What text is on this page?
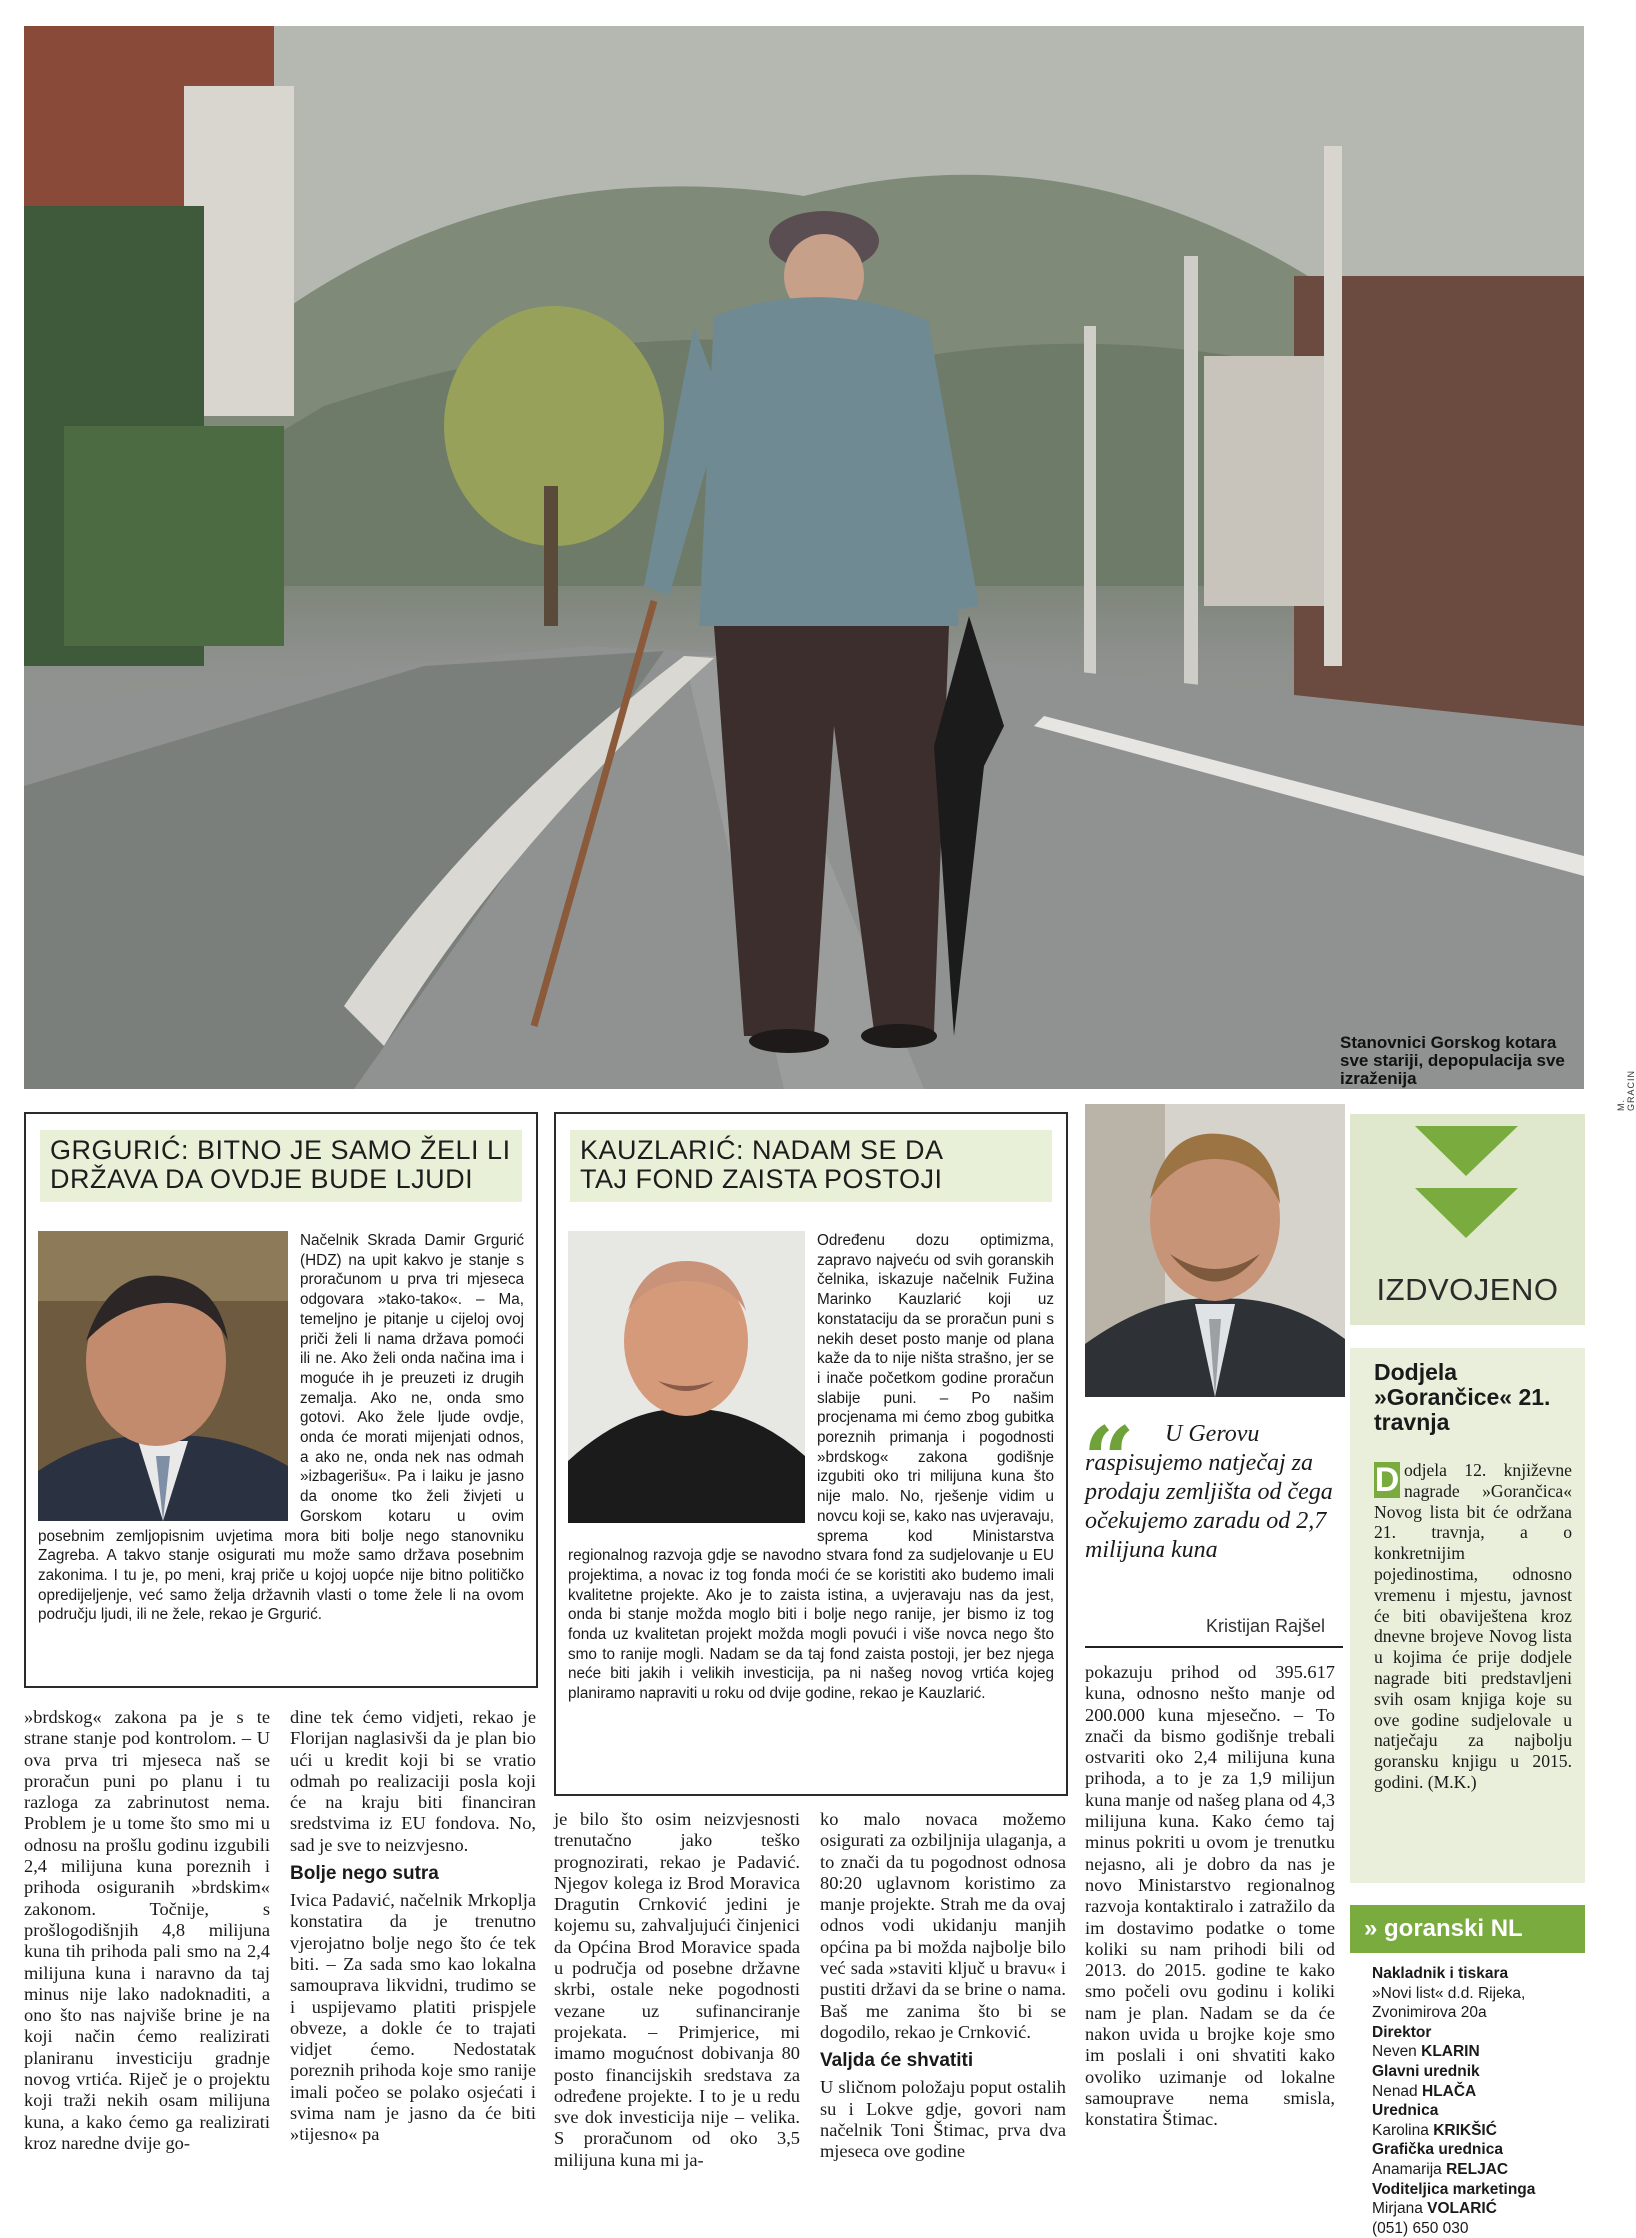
Stanovnici Gorskog kotara
sve stariji, depopulacija sve
izraženija
M. GRACIN
GRGURIĆ: BITNO JE SAMO ŽELI LI
DRŽAVA DA OVDJE BUDE LJUDI
Načelnik Skrada Damir Grgurić (HDZ) na upit kakvo je stanje s proračunom u prva tri mjeseca odgovara »tako-tako«. – Ma, temeljno je pitanje u cijeloj ovoj priči želi li nama država pomoći ili ne. Ako želi onda načina ima i moguće ih je preuzeti iz drugih zemalja. Ako ne, onda smo gotovi. Ako žele ljude ovdje, onda će morati mijenjati odnos, a ako ne, onda nek nas odmah »izbagerišu«. Pa i laiku je jasno da onome tko želi živjeti u Gorskom kotaru u ovim posebnim zemljopisnim uvjetima mora biti bolje nego stanovniku Zagreba. A takvo stanje osigurati mu može samo država posebnim zakonima. I tu je, po meni, kraj priče u kojoj uopće nije bitno političko opredijeljenje, već samo želja državnih vlasti o tome žele li na ovom području ljudi, ili ne žele, rekao je Grgurić.
KAUZLARIĆ: NADAM SE DA
TAJ FOND ZAISTA POSTOJI
Određenu dozu optimizma, zapravo najveću od svih goranskih čelnika, iskazuje načelnik Fužina Marinko Kauzlarić koji uz konstataciju da se proračun puni s nekih deset posto manje od plana kaže da to nije ništa strašno, jer se i inače početkom godine proračun slabije puni. – Po našim procjenama mi ćemo zbog gubitka poreznih primanja i pogodnosti »brdskog« zakona godišnje izgubiti oko tri milijuna kuna što nije malo. No, rješenje vidim u novcu koji se, kako nas uvjeravaju, sprema kod Ministarstva regionalnog razvoja gdje se navodno stvara fond za sudjelovanje u EU projektima, a novac iz tog fonda moći će se koristiti ako budemo imali kvalitetne projekte. Ako je to zaista istina, a uvjeravaju nas da jest, onda bi stanje možda moglo biti i bolje nego ranije, jer bismo iz tog fonda uz kvalitetan projekt možda mogli povući i više novca nego što smo to ranije mogli. Nadam se da taj fond zaista postoji, jer bez njega neće biti jakih i velikih investicija, pa ni našeg novog vrtića kojeg planiramo napraviti u roku od dvije godine, rekao je Kauzlarić.
“	U Gerovu raspisujemo natječaj za prodaju zemljišta od čega očekujemo zaradu od 2,7 milijuna kuna
Kristijan Rajšel

»brdskog« zakona pa je s te strane stanje pod kontrolom. – U ova prva tri mjeseca naš se proračun puni po planu i tu razloga za zabrinutost nema. Problem je u tome što smo mi u odnosu na prošlu godinu izgubili 2,4 milijuna kuna poreznih i prihoda osiguranih »brdskim« zakonom. Točnije, s prošlogodišnjih 4,8 milijuna kuna tih prihoda pali smo na 2,4 milijuna kuna i naravno da taj minus nije lako nadoknaditi, a ono što nas najviše brine je na koji način ćemo realizirati planiranu investiciju gradnje novog vrtića. Riječ je o projektu koji traži nekih osam milijuna kuna, a kako ćemo ga realizirati kroz naredne dvije go-

dine tek ćemo vidjeti, rekao je Florijan naglasivši da je plan bio ući u kredit koji bi se vratio odmah po realizaciji posla koji će na kraju biti financiran sredstvima iz EU fondova. No, sad je sve to neizvjesno.

Bolje nego sutra

Ivica Padavić, načelnik Mrkoplja konstatira da je trenutno vjerojatno bolje nego što će tek biti. – Za sada smo kao lokalna samouprava likvidni, trudimo se i uspijevamo platiti prispjele obveze, a dokle će to trajati vidjet ćemo. Nedostatak poreznih prihoda koje smo ranije imali počeo se polako osjećati i svima nam je jasno da će biti »tijesno« pa

je bilo što osim neizvjesnosti trenutačno jako teško prognozirati, rekao je Padavić. Njegov kolega iz Brod Moravica Dragutin Crnković jedini je kojemu su, zahvaljujući činjenici da Općina Brod Moravice spada u područja od posebne državne skrbi, ostale neke pogodnosti vezane uz sufinanciranje projekata. – Primjerice, mi imamo mogućnost dobivanja 80 posto financijskih sredstava za određene projekte. I to je u redu sve dok investicija nije – velika. S proračunom od oko 3,5 milijuna kuna mi ja-

ko malo novaca možemo osigurati za ozbiljnija ulaganja, a to znači da tu pogodnost odnosa 80:20 uglavnom koristimo za manje projekte. Strah me da ovaj odnos vodi ukidanju manjih općina pa bi možda najbolje bilo već sada »staviti ključ u bravu« i pustiti državi da se brine o nama. Baš me zanima što bi se dogodilo, rekao je Crnković.

Valjda će shvatiti

U sličnom položaju poput ostalih su i Lokve gdje, govori nam načelnik Toni Štimac, prva dva mjeseca ove godine

pokazuju prihod od 395.617 kuna, odnosno nešto manje od 200.000 kuna mjesečno. – To znači da bismo godišnje trebali ostvariti oko 2,4 milijuna kuna prihoda, a to je za 1,9 milijun kuna manje od našeg plana od 4,3 milijuna kuna. Kako ćemo taj minus pokriti u ovom je trenutku nejasno, ali je dobro da nas je novo Ministarstvo regionalnog razvoja kontaktiralo i zatražilo da im dostavimo podatke o tome koliki su nam prihodi bili od 2013. do 2015. godine te kako smo počeli ovu godinu i koliki nam je plan. Nadam se da će nakon uvida u brojke koje smo im poslali i oni shvatiti kako ovoliko uzimanje od lokalne samouprave nema smisla, konstatira Štimac.

IZDVOJENO
Dodjela »Gorančice« 21. travnja
D odjela 12. književne nagrade »Gorančica« Novog lista bit će održana 21. travnja, a o konkretnijim pojedinostima, odnosno vremenu i mjestu, javnost će biti obaviještena kroz dnevne brojeve Novog lista u kojima će prije dodjele nagrade biti predstavljeni svih osam knjiga koje su ove godine sudjelovale u natječaju za najbolju goransku knjigu u 2015. godini. (M.K.)
» goranski NL
Nakladnik i tiskara
»Novi list« d.d. Rijeka, Zvonimirova 20a
Direktor
Neven KLARIN
Glavni urednik
Nenad HLAČA
Urednica
Karolina KRIKŠIĆ
Grafička urednica
Anamarija RELJAC
Voditeljica marketinga
Mirjana VOLARIĆ
(051) 650 030
